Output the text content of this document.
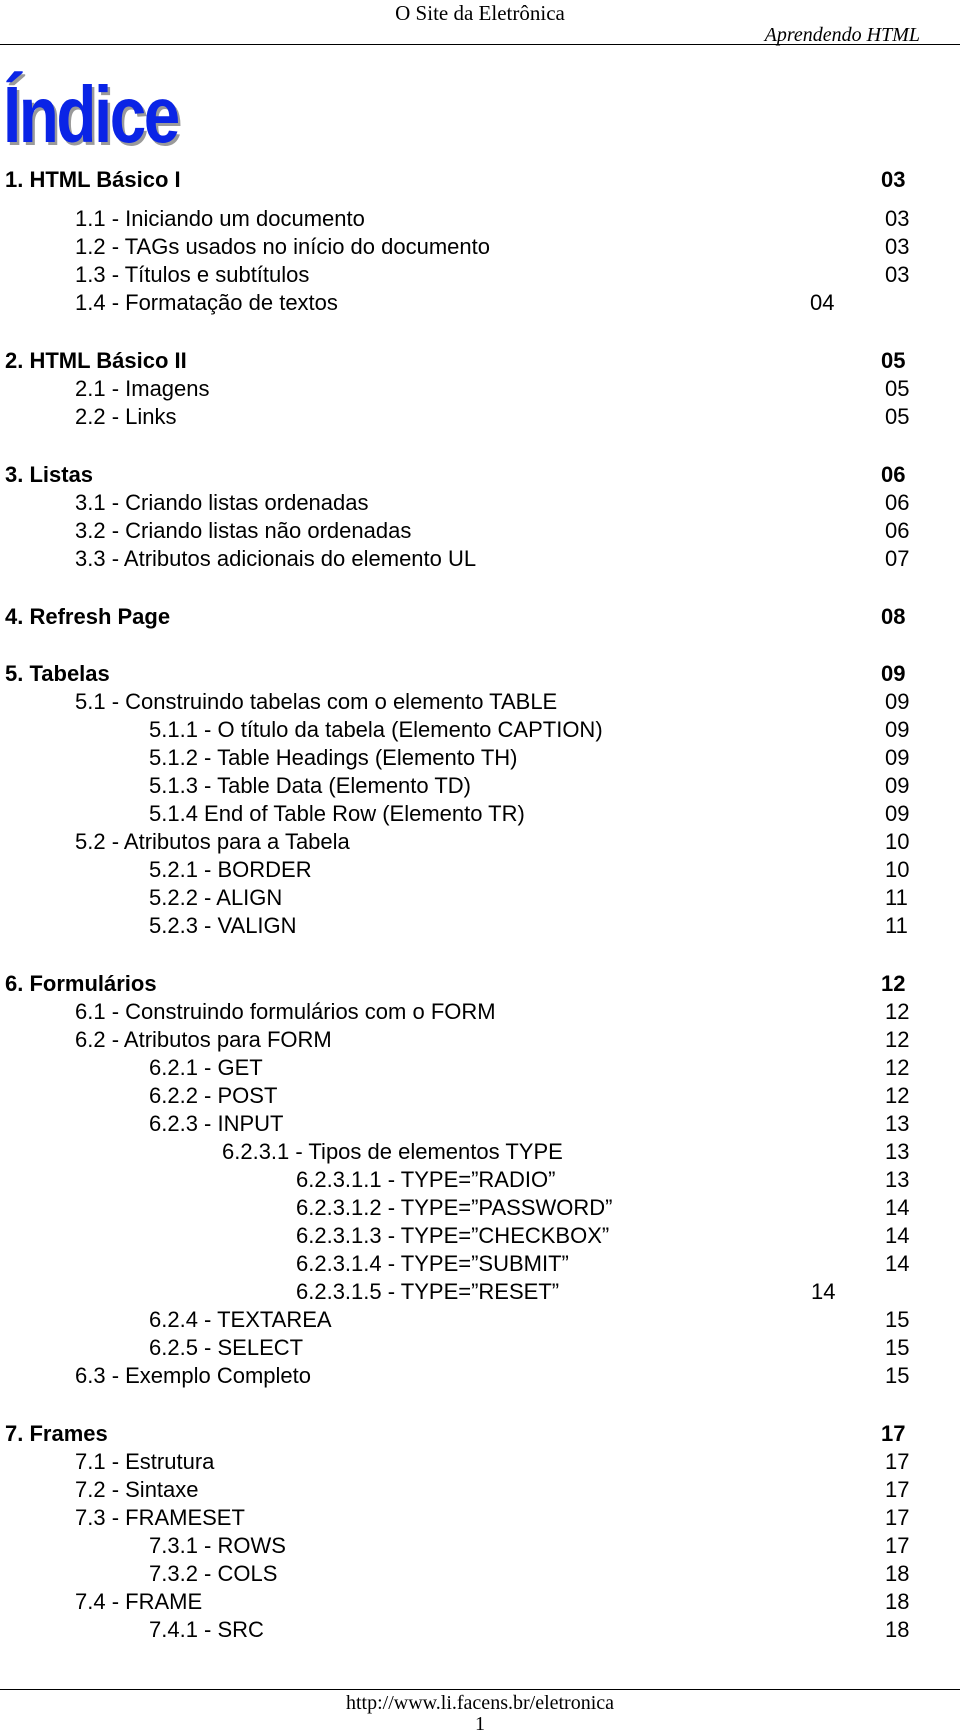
O Site da Eletrônica
Aprendendo HTML
Índice
1. HTML Básico I	03
1.1 - Iniciando um documento	03
1.2 - TAGs usados no início do documento	03
1.3 - Títulos e subtítulos	03
1.4 - Formatação de textos	04
2. HTML Básico II	05
2.1 - Imagens	05
2.2 - Links	05
3. Listas	06
3.1 - Criando listas ordenadas	06
3.2 - Criando listas não ordenadas	06
3.3 - Atributos adicionais do elemento UL	07
4. Refresh Page	08
5. Tabelas	09
5.1 - Construindo tabelas com o elemento TABLE	09
5.1.1 - O título da tabela (Elemento CAPTION)	09
5.1.2 - Table Headings (Elemento TH)	09
5.1.3 - Table Data (Elemento TD)	09
5.1.4 End of Table Row (Elemento TR)	09
5.2 - Atributos para a Tabela	10
5.2.1 - BORDER	10
5.2.2 - ALIGN	11
5.2.3 - VALIGN	11
6. Formulários	12
6.1 - Construindo formulários com o FORM	12
6.2 - Atributos para FORM	12
6.2.1 - GET	12
6.2.2 - POST	12
6.2.3 - INPUT	13
6.2.3.1 - Tipos de elementos TYPE	13
6.2.3.1.1 - TYPE=”RADIO”	13
6.2.3.1.2 - TYPE=”PASSWORD”	14
6.2.3.1.3 - TYPE=”CHECKBOX”	14
6.2.3.1.4 - TYPE=”SUBMIT”	14
6.2.3.1.5 - TYPE=”RESET”	14
6.2.4 - TEXTAREA	15
6.2.5 - SELECT	15
6.3 - Exemplo Completo	15
7. Frames	17
7.1 - Estrutura	17
7.2 - Sintaxe	17
7.3 - FRAMESET	17
7.3.1 - ROWS	17
7.3.2 - COLS	18
7.4 - FRAME	18
7.4.1 - SRC	18
http://www.li.facens.br/eletronica
1
